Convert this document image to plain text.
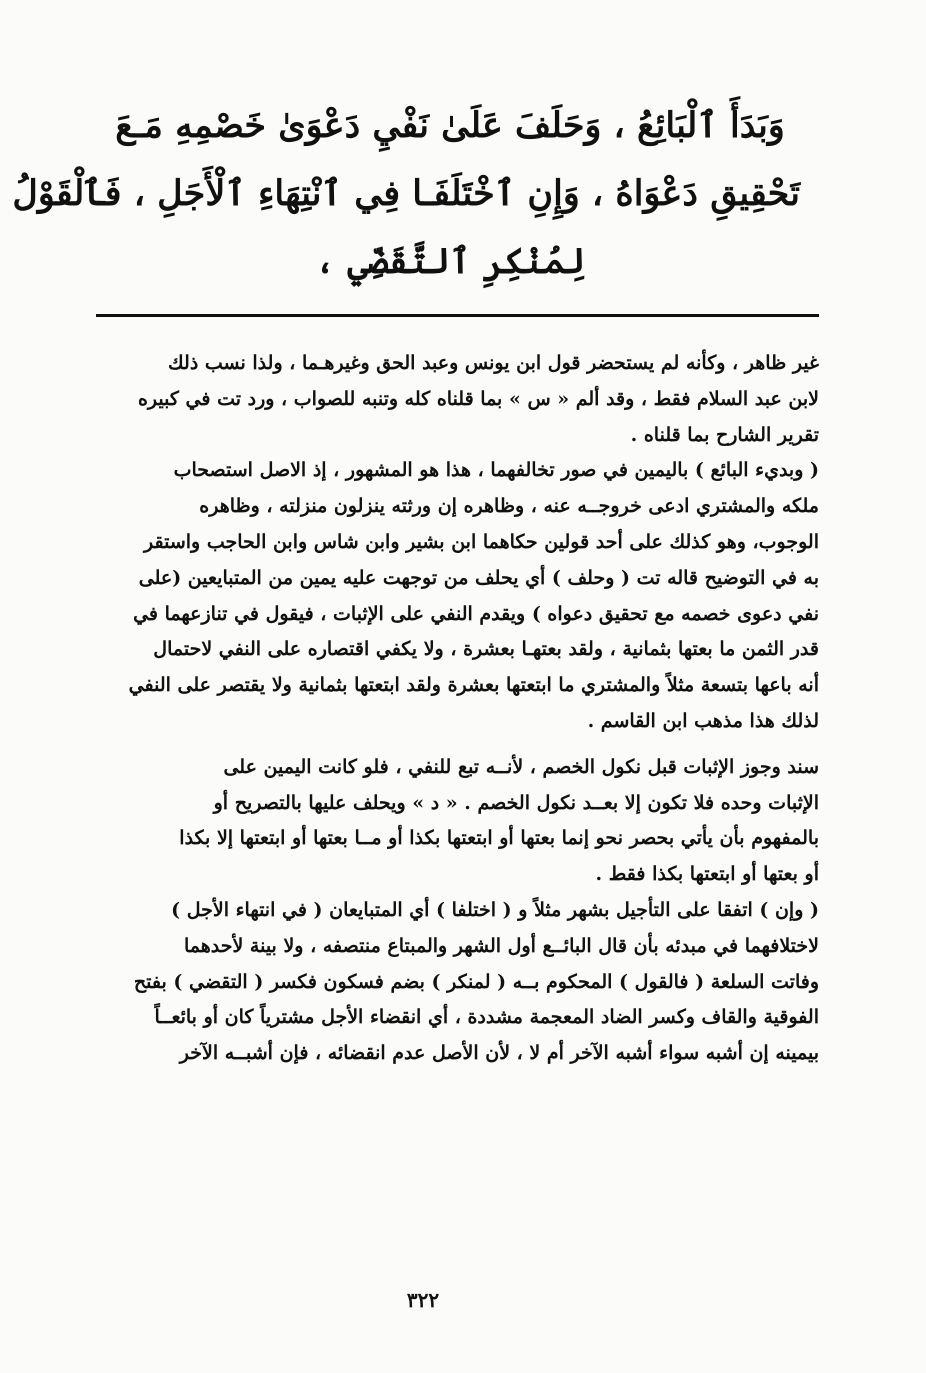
وَبَدَأَ ٱلْبَائِعُ ، وَحَلَفَ عَلَىٰ نَفْيِ دَعْوَىٰ خَصْمِهِ مَـعَ
تَحْقِيقِ دَعْوَاهُ ، وَإِنِ ٱخْتَلَفَـا فِي ٱنْتِهَاءِ ٱلْأَجَلِ ، فَٱلْقَوْلُ
لِمُنْكِرِ ٱلتَّقَضِّي ،
غير ظاهر ، وكأنه لم يستحضر قول ابن يونس وعبد الحق وغيرهـما ، ولذا نسب ذلك
لابن عبد السلام فقط ، وقد ألم « س » بما قلناه كله وتنبه للصواب ، ورد تت في كبيره
تقرير الشارح بما قلناه .
( وبديء البائع ) باليمين في صور تخالفهما ، هذا هو المشهور ، إذ الاصل استصحاب
ملكه والمشتري ادعى خروجــه عنه ، وظاهره إن ورثته ينزلون منزلته ، وظاهره
الوجوب، وهو كذلك على أحد قولين حكاهما ابن بشير وابن شاس وابن الحاجب واستقر
به في التوضيح قاله تت ( وحلف ) أي يحلف من توجهت عليه يمين من المتبايعين (على
نفي دعوى خصمه مع تحقيق دعواه ) ويقدم النفي على الإثبات ، فيقول في تنازعهما في
قدر الثمن ما بعتها بثمانية ، ولقد بعتهـا بعشرة ، ولا يكفي اقتصاره على النفي لاحتمال
أنه باعها بتسعة مثلاً والمشتري ما ابتعتها بعشرة ولقد ابتعتها بثمانية ولا يقتصر على النفي
لذلك هذا مذهب ابن القاسم .
سند وجوز الإثبات قبل نكول الخصم ، لأنــه تبع للنفي ، فلو كانت اليمين على
الإثبات وحده فلا تكون إلا بعــد نكول الخصم . « د » ويحلف عليها بالتصريح أو
بالمفهوم بأن يأتي بحصر نحو إنما بعتها أو ابتعتها بكذا أو مــا بعتها أو ابتعتها إلا بكذا
أو بعتها أو ابتعتها بكذا فقط .
( وإن ) اتفقا على التأجيل بشهر مثلاً و ( اختلفا ) أي المتبايعان ( في انتهاء الأجل )
لاختلافهما في مبدئه بأن قال البائــع أول الشهر والمبتاع منتصفه ، ولا بينة لأحدهما
وفاتت السلعة ( فالقول ) المحكوم بــه ( لمنكر ) بضم فسكون فكسر ( التقضي ) بفتح
الفوقية والقاف وكسر الضاد المعجمة مشددة ، أي انقضاء الأجل مشترياً كان أو بائعــاً
بيمينه إن أشبه سواء أشبه الآخر أم لا ، لأن الأصل عدم انقضائه ، فإن أشبــه الآخر
٣٢٢
